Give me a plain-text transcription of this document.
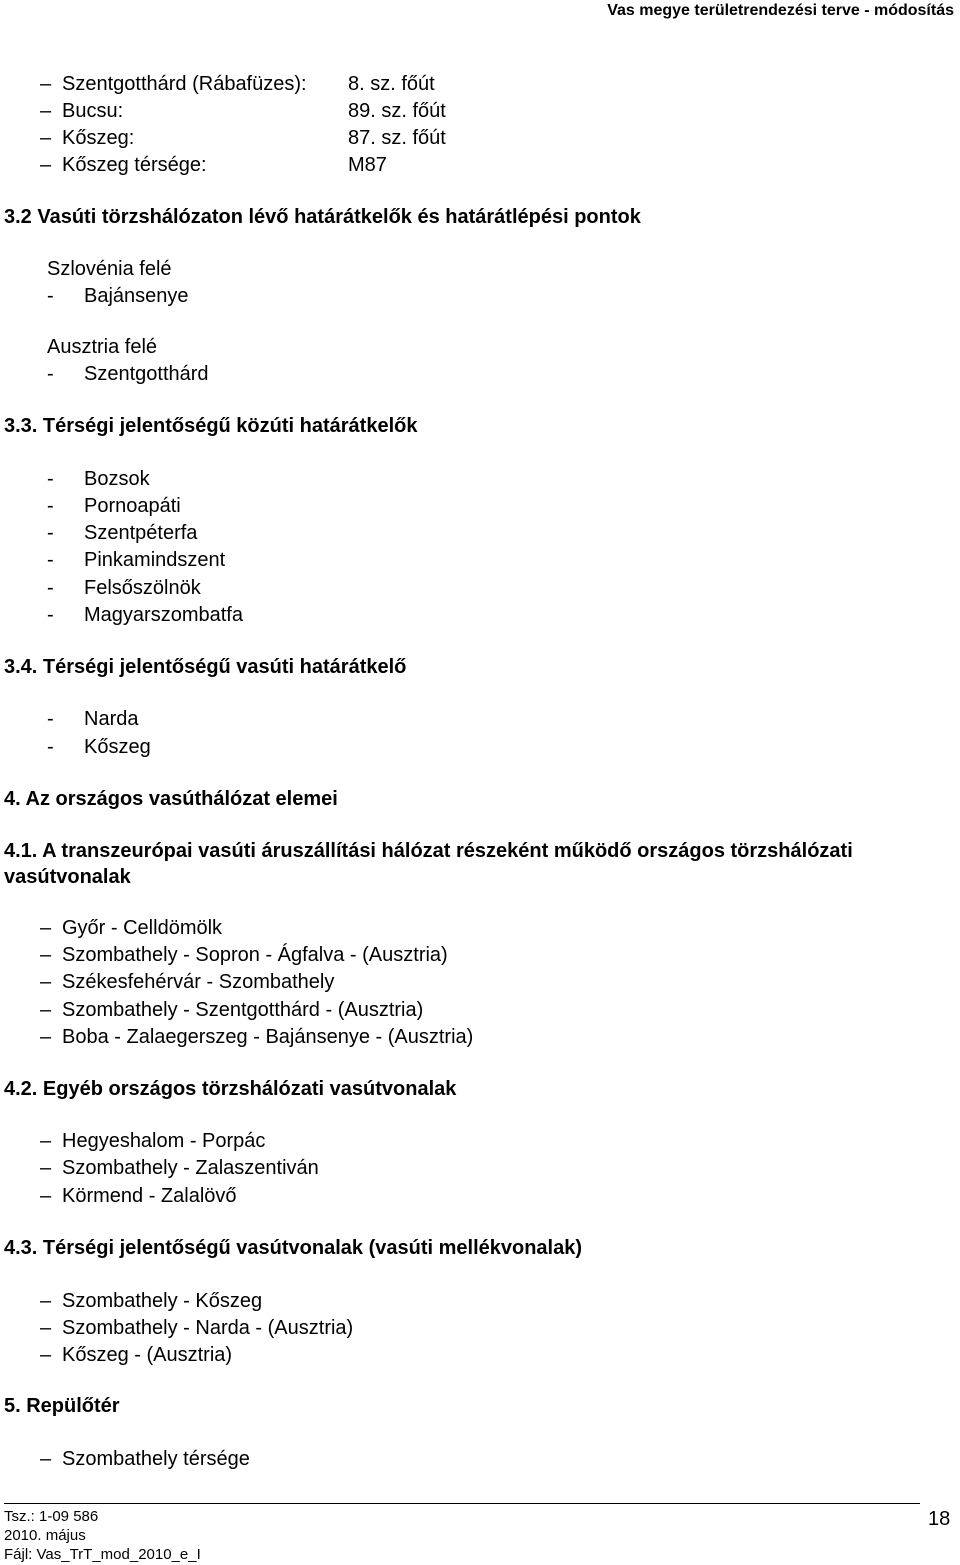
Vas megye területrendezési terve - módosítás
– Szentgotthárd (Rábafüzes): 8. sz. főút
– Bucsu:	89. sz. főút
– Kőszeg:	87. sz. főút
– Kőszeg térsége:	M87
3.2 Vasúti törzshálózaton lévő határátkelők és határátlépési pontok
Szlovénia felé
- Bajánsenye
Ausztria felé
- Szentgotthárd
3.3. Térségi jelentőségű közúti határátkelők
- Bozsok
- Pornoapáti
- Szentpéterfa
- Pinkamindszent
- Felsőszölnök
- Magyarszombatfa
3.4. Térségi jelentőségű vasúti határátkelő
- Narda
- Kőszeg
4. Az országos vasúthálózat elemei
4.1. A transzeurópai vasúti áruszállítási hálózat részeként működő országos törzshálózati vasútvonalak
– Győr - Celldömölk
– Szombathely - Sopron - Ágfalva - (Ausztria)
– Székesfehérvár - Szombathely
– Szombathely - Szentgotthárd - (Ausztria)
– Boba - Zalaegerszeg - Bajánsenye - (Ausztria)
4.2. Egyéb országos törzshálózati vasútvonalak
– Hegyeshalom - Porpác
– Szombathely - Zalaszentiván
– Körmend - Zalalövő
4.3. Térségi jelentőségű vasútvonalak (vasúti mellékvonalak)
– Szombathely - Kőszeg
– Szombathely - Narda - (Ausztria)
– Kőszeg - (Ausztria)
5. Repülőtér
– Szombathely térsége
Tsz.: 1-09 586
2010. május
Fájl: Vas_TrT_mod_2010_e_I
18
